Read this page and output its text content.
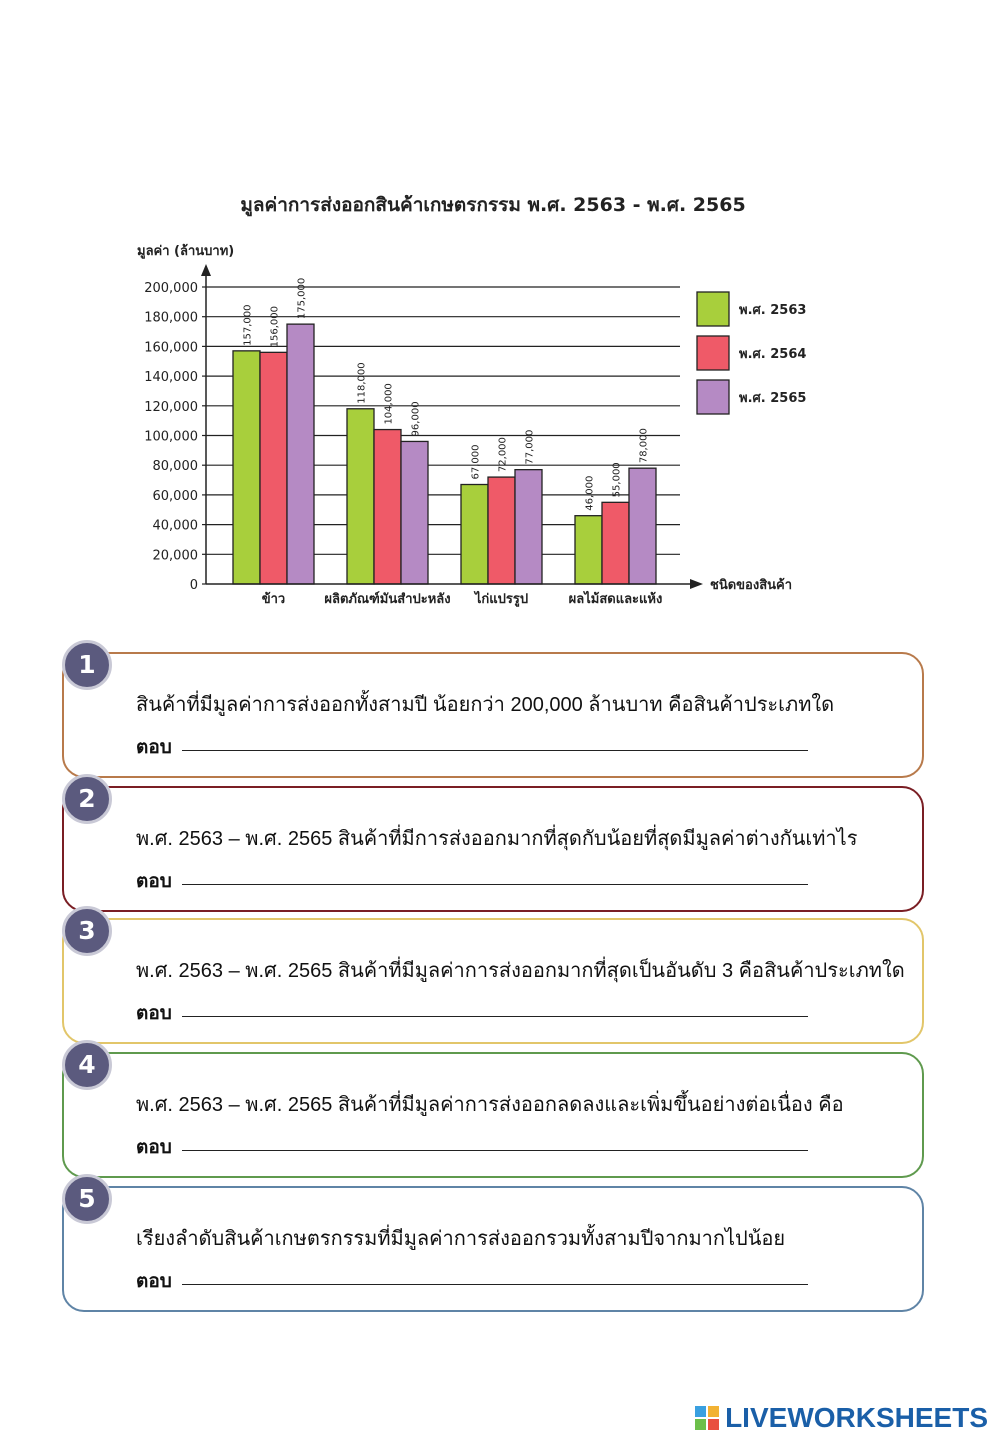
มูลค่าการส่งออกสินค้าเกษตรกรรม พ.ศ. 2563 - พ.ศ. 2565
มูลค่า (ล้านบาท)
0
20,000
40,000
60,000
80,000
100,000
120,000
140,000
160,000
180,000
200,000
157,000 156,000
175,000
ข้าว
118,000
104,000 96,000
ผลิตภัณฑ์มันสำปะหลัง
67,000 72,000 77,000
ไก่แปรรูป
46,000 55,000
78,000
ผลไม้สดและแห้ง
ชนิดของสินค้า
พ.ศ. 2563
พ.ศ. 2564
พ.ศ. 2565
1
สินค้าที่มีมูลค่าการส่งออกทั้งสามปี น้อยกว่า 200,000 ล้านบาท คือสินค้าประเภทใด
ตอบ
2
พ.ศ. 2563 – พ.ศ. 2565 สินค้าที่มีการส่งออกมากที่สุดกับน้อยที่สุดมีมูลค่าต่างกันเท่าไร
ตอบ
3
พ.ศ. 2563 – พ.ศ. 2565 สินค้าที่มีมูลค่าการส่งออกมากที่สุดเป็นอันดับ 3 คือสินค้าประเภทใด
ตอบ
4
พ.ศ. 2563 – พ.ศ. 2565 สินค้าที่มีมูลค่าการส่งออกลดลงและเพิ่มขึ้นอย่างต่อเนื่อง คือ
ตอบ
5
เรียงลำดับสินค้าเกษตรกรรมที่มีมูลค่าการส่งออกรวมทั้งสามปีจากมากไปน้อย
ตอบ
LIVEWORKSHEETS
